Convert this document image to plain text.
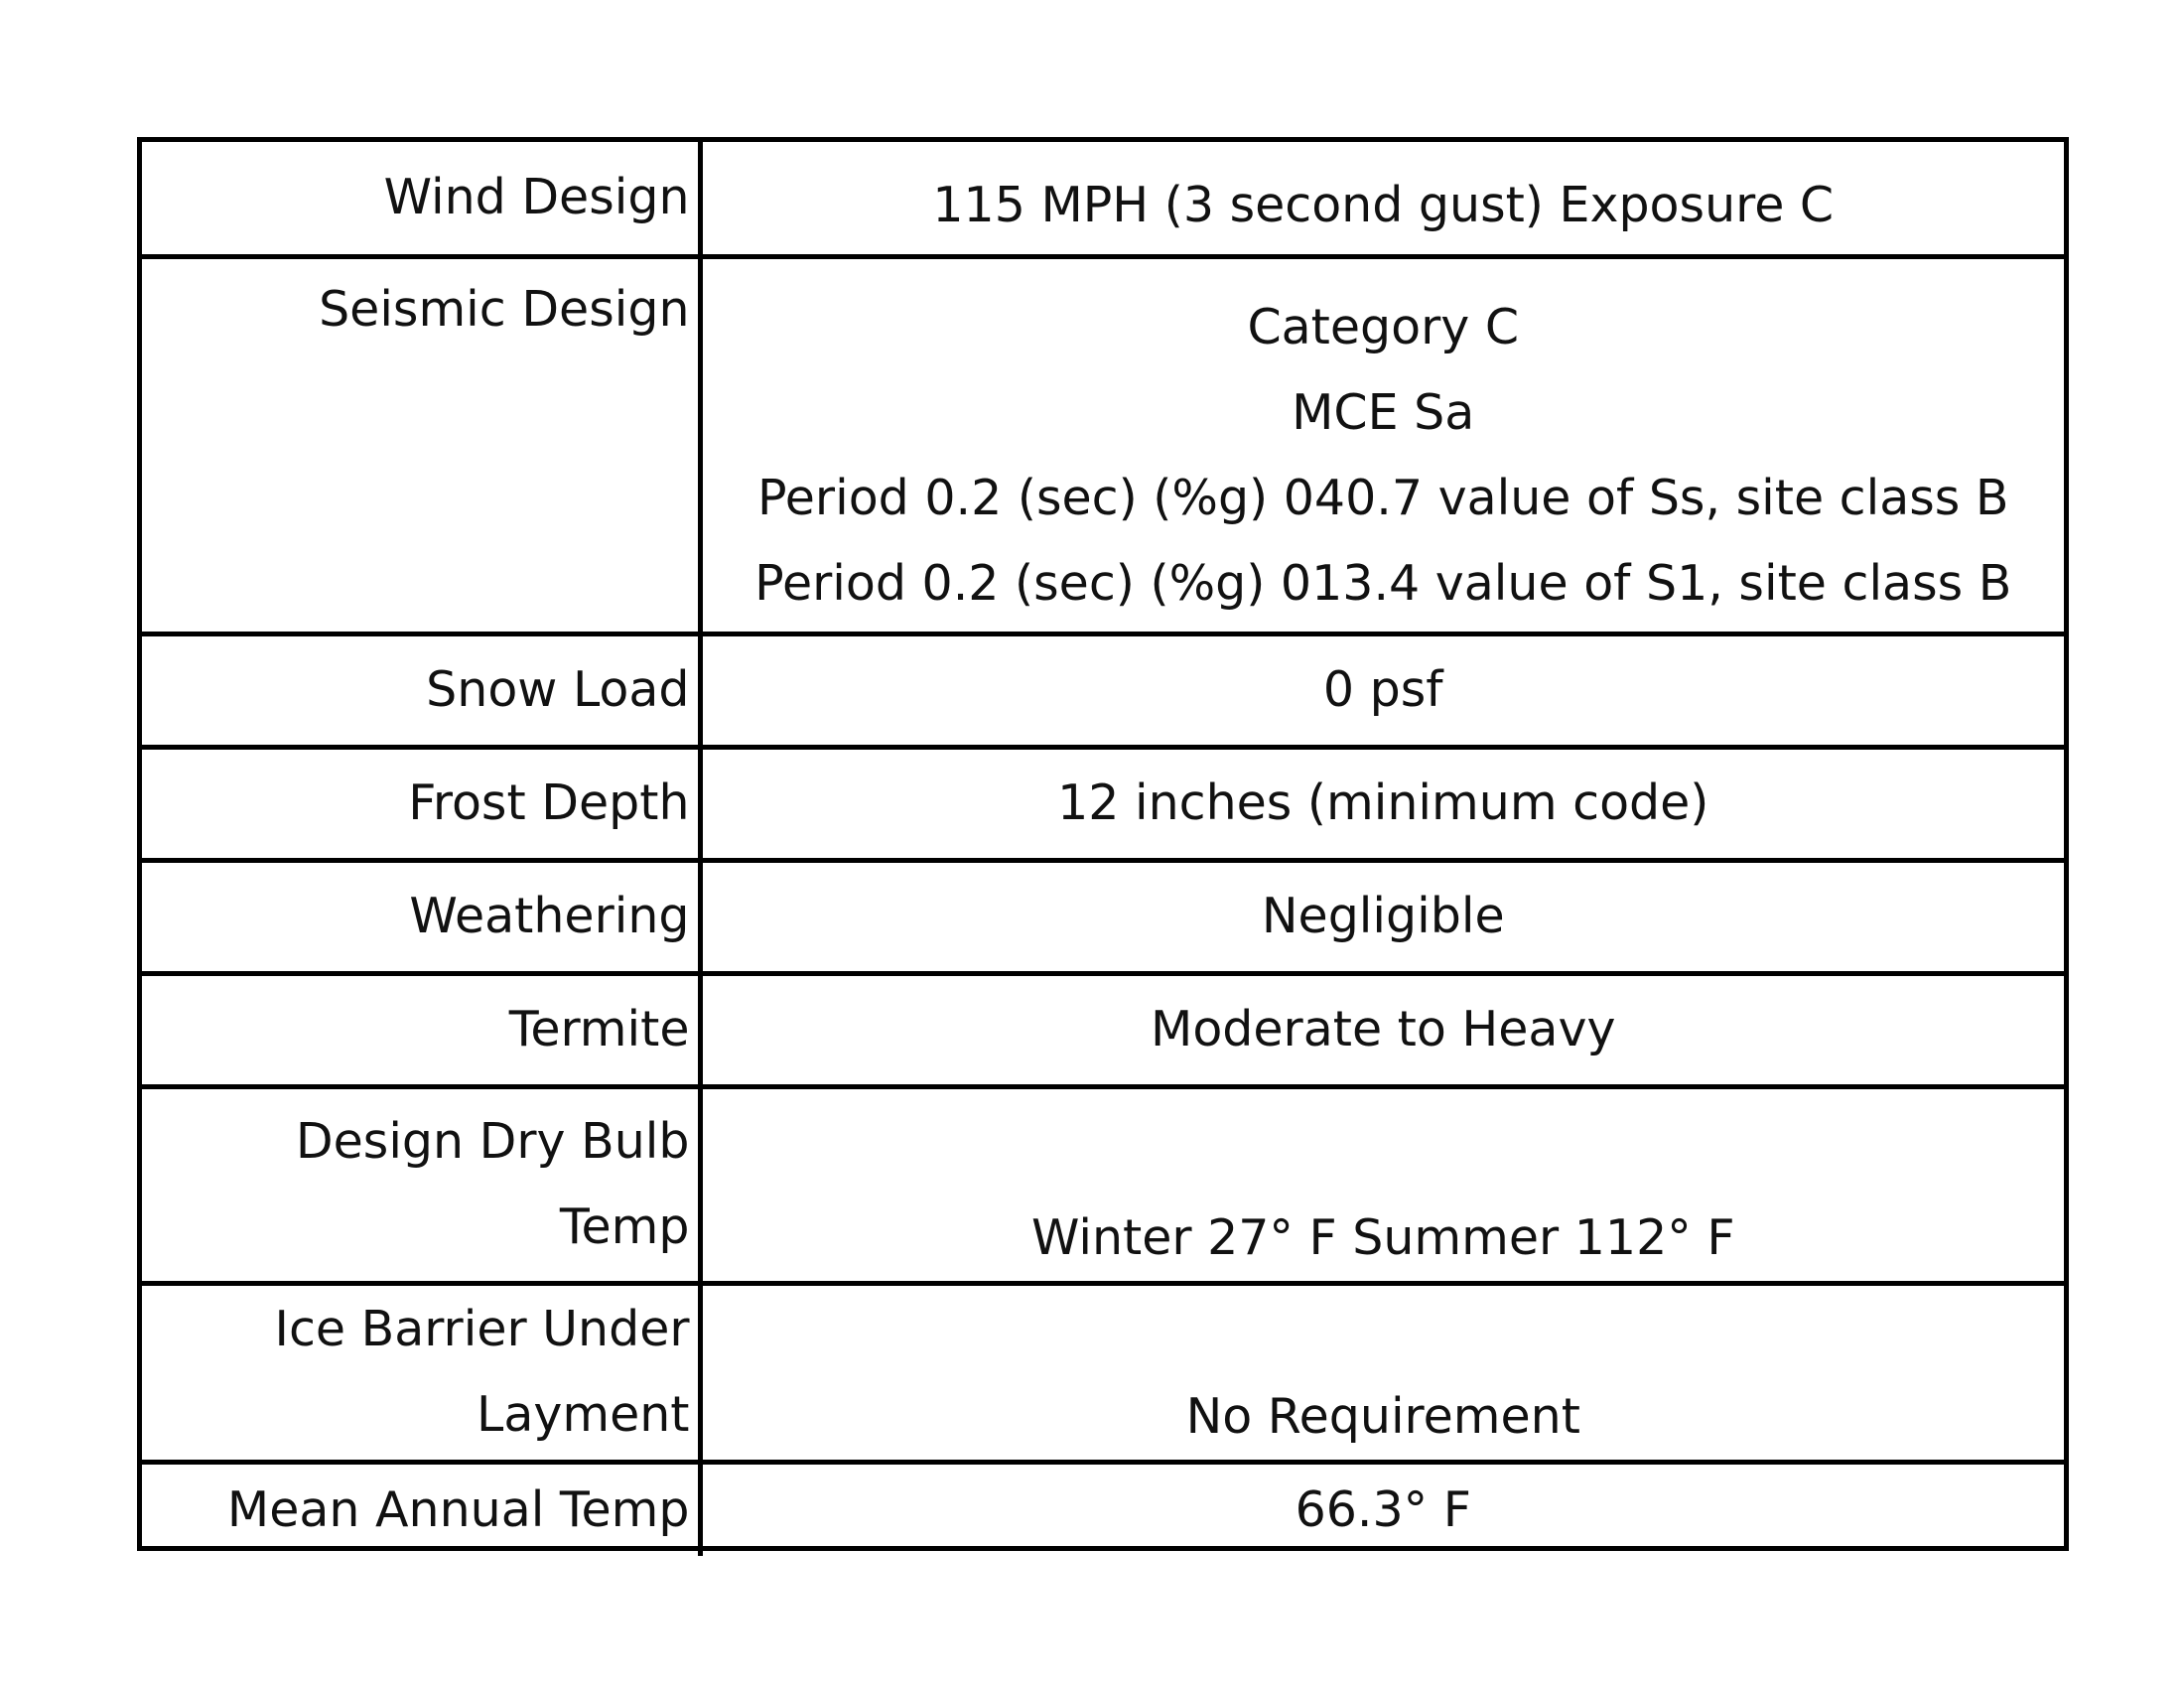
Wind Design	115 MPH (3 second gust) Exposure C

Seismic Design	Category C
MCE Sa
Period 0.2 (sec) (%g) 040.7 value of Ss, site class B
Period 0.2 (sec) (%g) 013.4 value of S1, site class B

Snow Load	0 psf

Frost Depth	12 inches (minimum code)

Weathering	Negligible

Termite	Moderate to Heavy

Design Dry Bulb
Temp	Winter 27° F Summer 112° F

Ice Barrier Under
Layment	No Requirement

Mean Annual Temp	66.3° F
